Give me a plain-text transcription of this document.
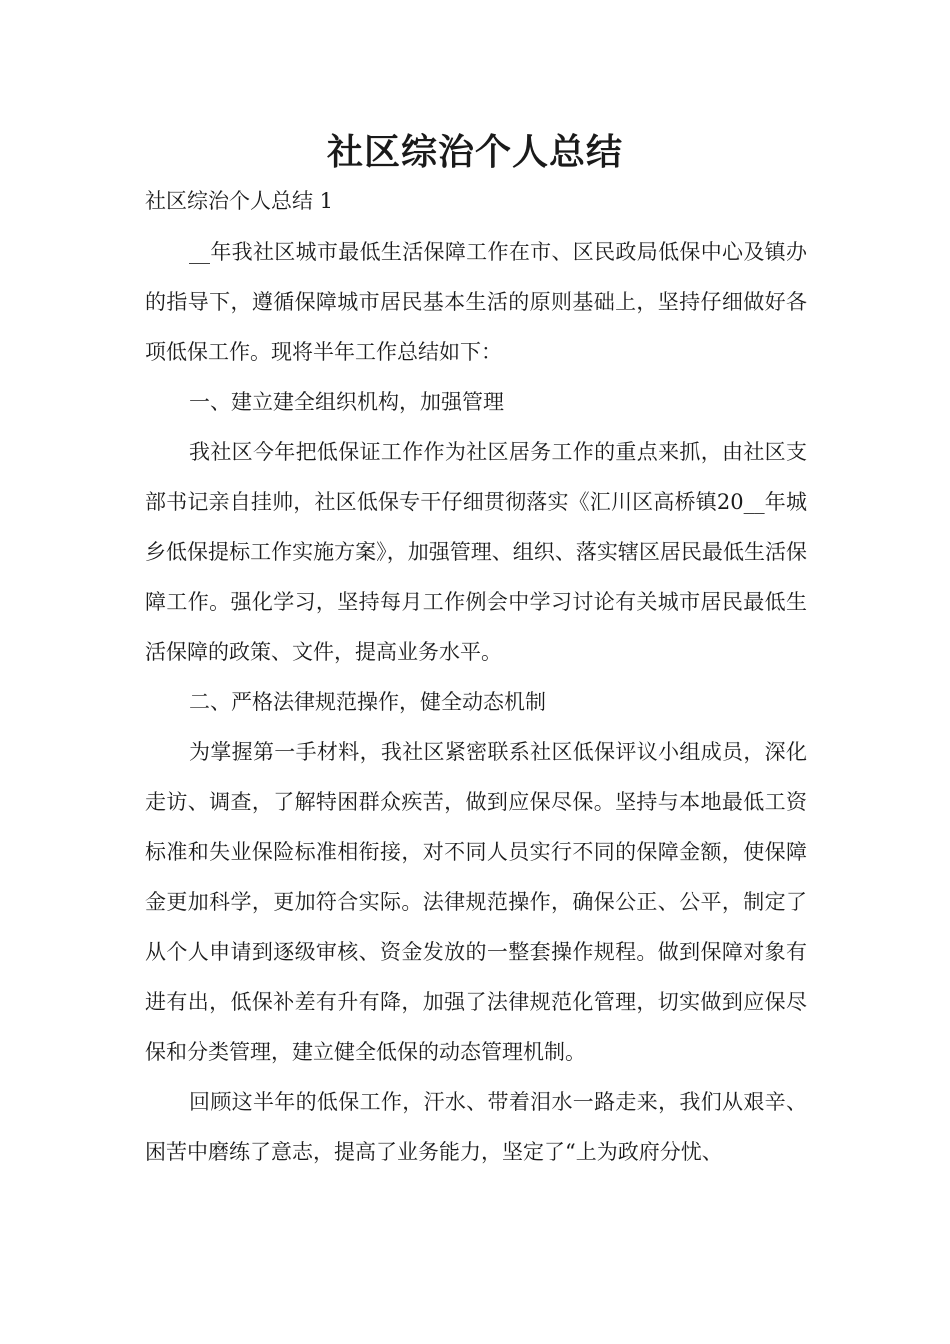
社区综治个人总结
社区综治个人总结 1

__年我社区城市最低生活保障工作在市、区民政局低保中心及镇办的指导下，遵循保障城市居民基本生活的原则基础上，坚持仔细做好各项低保工作。现将半年工作总结如下：

一、建立建全组织机构，加强管理

我社区今年把低保证工作作为社区居务工作的重点来抓，由社区支部书记亲自挂帅，社区低保专干仔细贯彻落实《汇川区高桥镇20__年城乡低保提标工作实施方案》，加强管理、组织、落实辖区居民最低生活保障工作。强化学习，坚持每月工作例会中学习讨论有关城市居民最低生活保障的政策、文件，提高业务水平。

二、严格法律规范操作，健全动态机制

为掌握第一手材料，我社区紧密联系社区低保评议小组成员，深化走访、调查，了解特困群众疾苦，做到应保尽保。坚持与本地最低工资标准和失业保险标准相衔接，对不同人员实行不同的保障金额，使保障金更加科学，更加符合实际。法律规范操作，确保公正、公平，制定了从个人申请到逐级审核、资金发放的一整套操作规程。做到保障对象有进有出，低保补差有升有降，加强了法律规范化管理，切实做到应保尽保和分类管理，建立健全低保的动态管理机制。

回顾这半年的低保工作，汗水、带着泪水一路走来，我们从艰辛、困苦中磨练了意志，提高了业务能力，坚定了“上为政府分忧、
